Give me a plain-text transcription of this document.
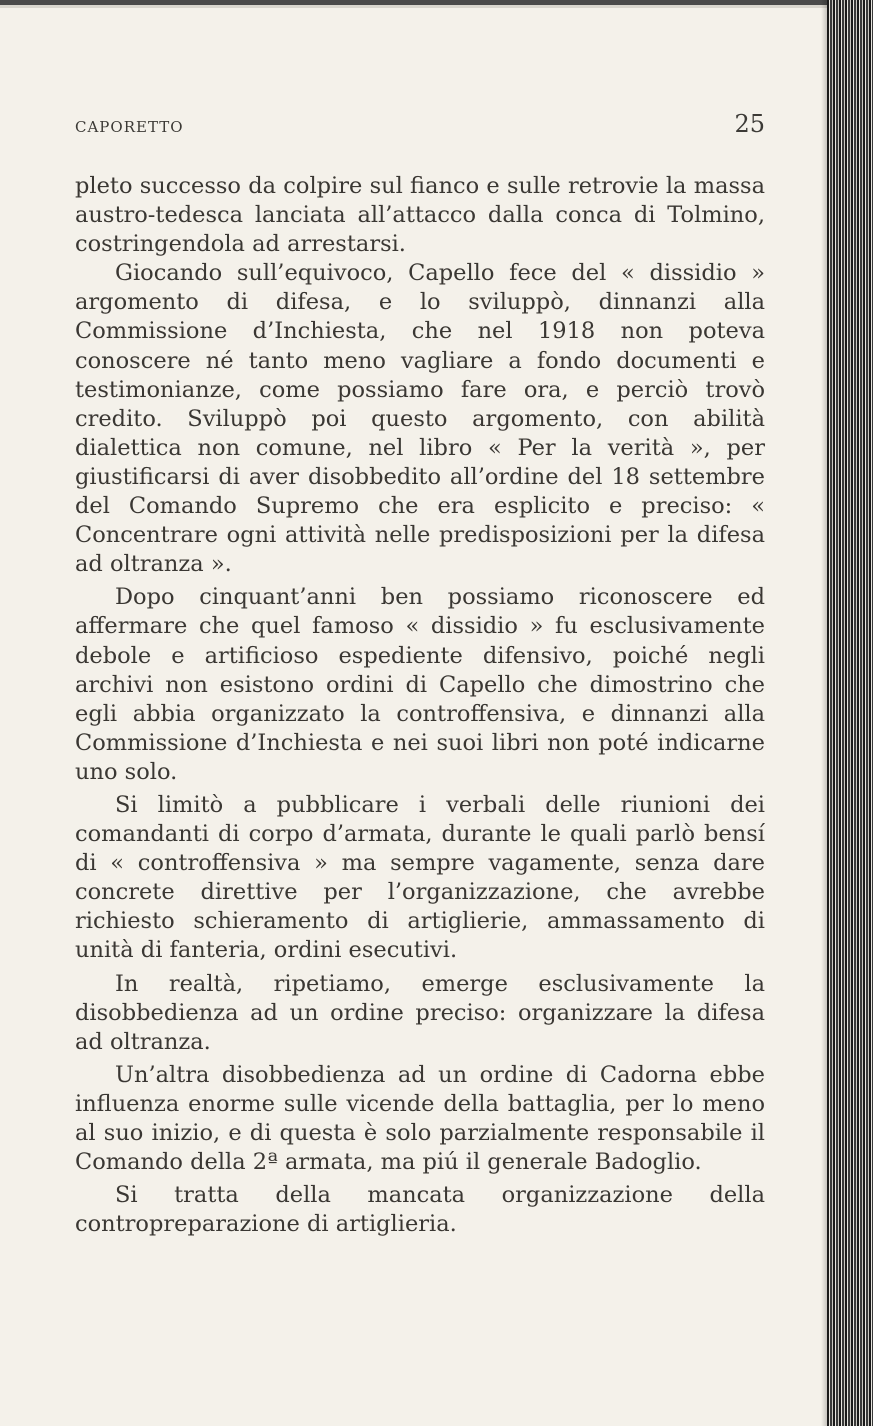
CAPORETTO	25

pleto successo da colpire sul fianco e sulle retrovie la massa austro-tedesca lanciata all’attacco dalla conca di Tolmino, costringendola ad arrestarsi.

Giocando sull’equivoco, Capello fece del « dissidio » argomento di difesa, e lo sviluppò, dinnanzi alla Commissione d’Inchiesta, che nel 1918 non poteva conoscere né tanto meno vagliare a fondo documenti e testimonianze, come possiamo fare ora, e perciò trovò credito. Sviluppò poi questo argomento, con abilità dialettica non comune, nel libro « Per la verità », per giustificarsi di aver disobbedito all’ordine del 18 settembre del Comando Supremo che era esplicito e preciso: « Concentrare ogni attività nelle predisposizioni per la difesa ad oltranza ».

Dopo cinquant’anni ben possiamo riconoscere ed affermare che quel famoso « dissidio » fu esclusivamente debole e artificioso espediente difensivo, poiché negli archivi non esistono ordini di Capello che dimostrino che egli abbia organizzato la controffensiva, e dinnanzi alla Commissione d’Inchiesta e nei suoi libri non poté indicarne uno solo.

Si limitò a pubblicare i verbali delle riunioni dei comandanti di corpo d’armata, durante le quali parlò bensí di « controffensiva » ma sempre vagamente, senza dare concrete direttive per l’organizzazione, che avrebbe richiesto schieramento di artiglierie, ammassamento di unità di fanteria, ordini esecutivi.

In realtà, ripetiamo, emerge esclusivamente la disobbedienza ad un ordine preciso: organizzare la difesa ad oltranza.

Un’altra disobbedienza ad un ordine di Cadorna ebbe influenza enorme sulle vicende della battaglia, per lo meno al suo inizio, e di questa è solo parzialmente responsabile il Comando della 2ª armata, ma piú il generale Badoglio.

Si tratta della mancata organizzazione della contropreparazione di artiglieria.
